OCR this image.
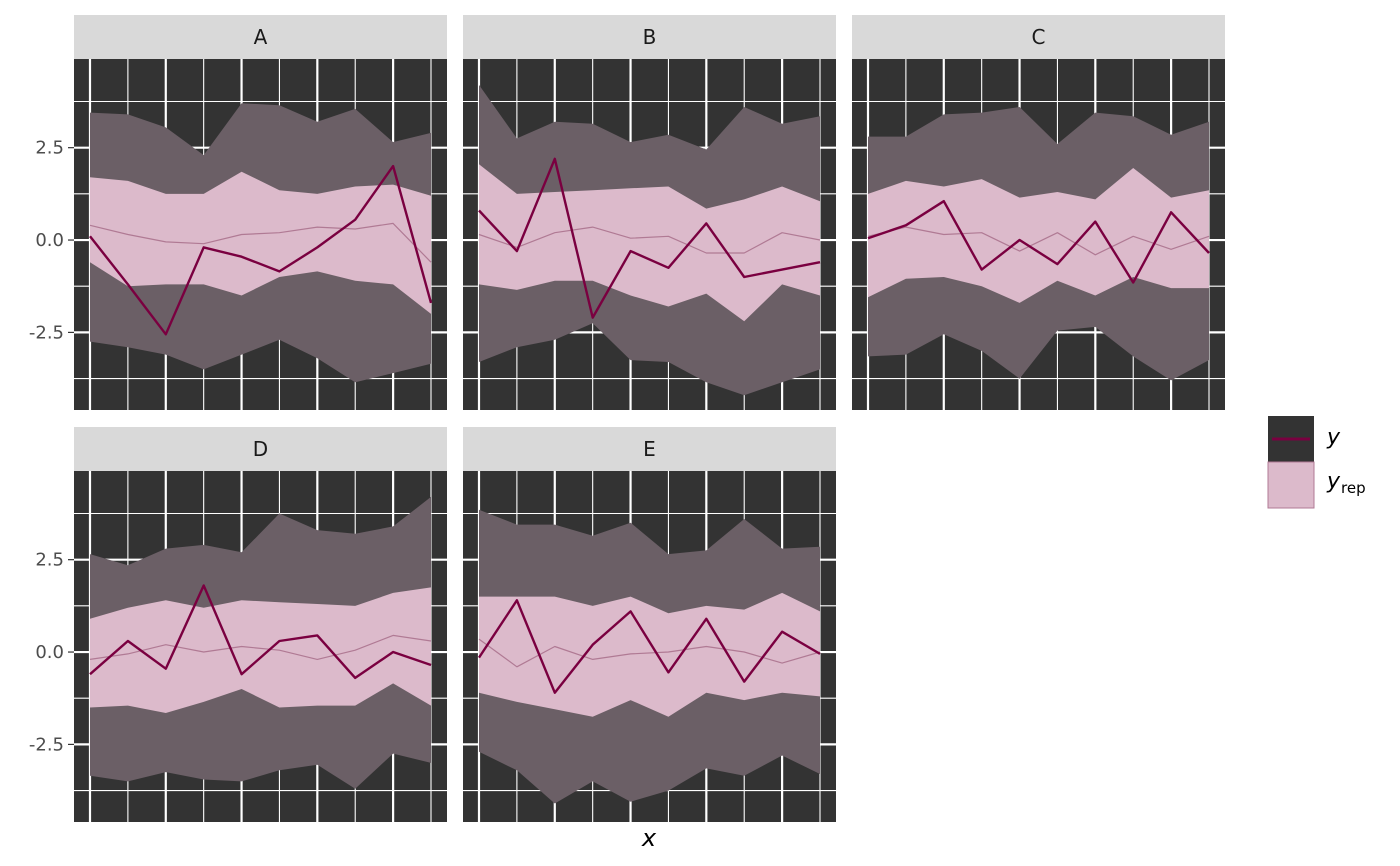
A	B	C
D	E
-2.5
0.0
2.5
-2.5
0.0
2.5
x
y
y rep
